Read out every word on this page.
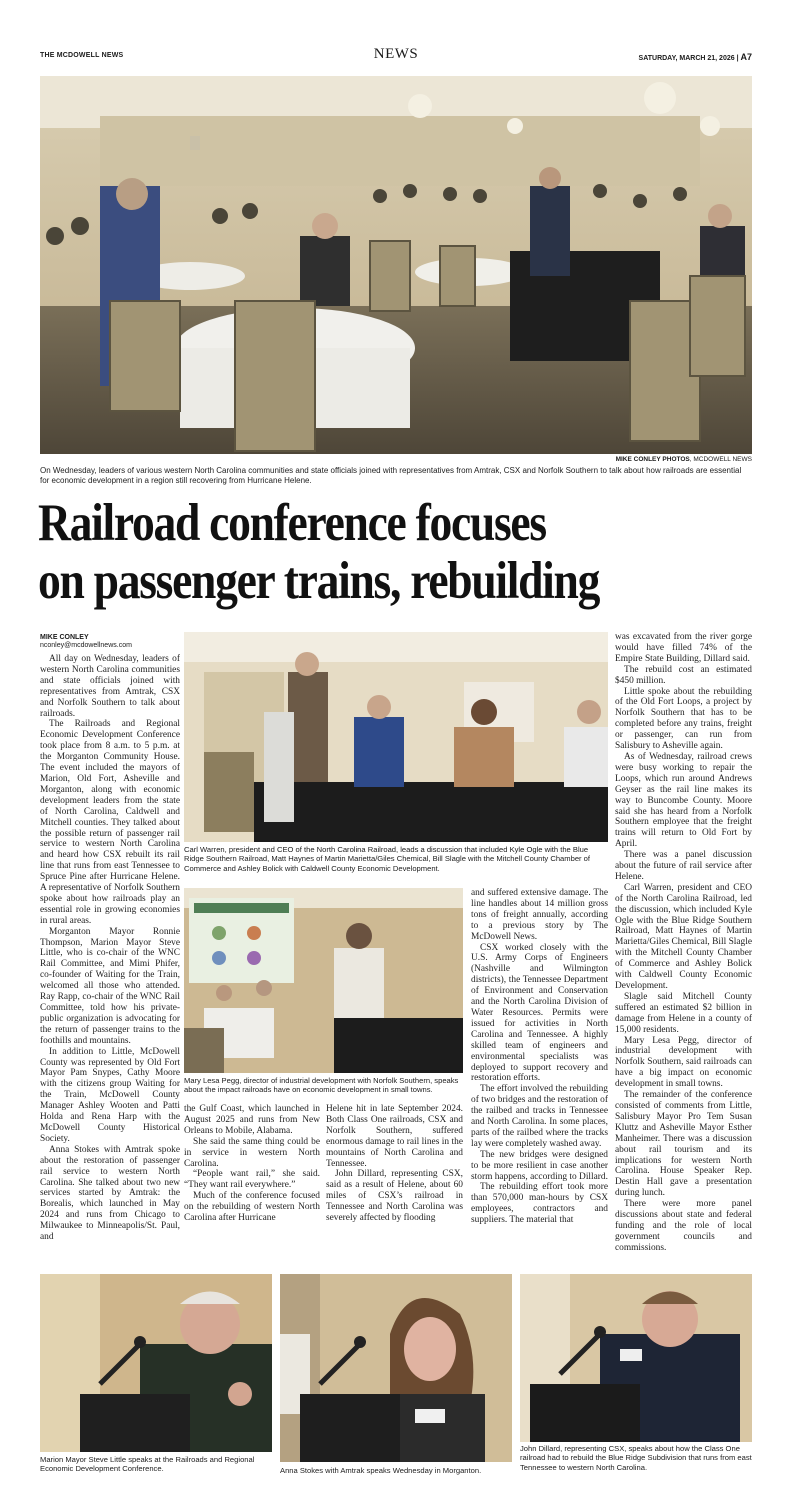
THE MCDOWELL NEWS	NEWS	SATURDAY, MARCH 21, 2026 | A7
MIKE CONLEY PHOTOS, MCDOWELL NEWS
On Wednesday, leaders of various western North Carolina communities and state officials joined with representatives from Amtrak, CSX and Norfolk Southern to talk about how railroads are essential for economic development in a region still recovering from Hurricane Helene.
Railroad conference focuses
on passenger trains, rebuilding
MIKE CONLEY
nconley@mcdowellnews.com

All day on Wednesday, leaders of western North Carolina communities and state officials joined with representatives from Amtrak, CSX and Norfolk Southern to talk about railroads.

The Railroads and Regional Economic Development Conference took place from 8 a.m. to 5 p.m. at the Morganton Community House. The event included the mayors of Marion, Old Fort, Asheville and Morganton, along with economic development leaders from the state of North Carolina, Caldwell and Mitchell counties. They talked about the possible return of passenger rail service to western North Carolina and heard how CSX rebuilt its rail line that runs from east Tennessee to Spruce Pine after Hurricane Helene. A representative of Norfolk Southern spoke about how railroads play an essential role in growing economies in rural areas.

Morganton Mayor Ronnie Thompson, Marion Mayor Steve Little, who is co-chair of the WNC Rail Committee, and Mimi Phifer, co-founder of Waiting for the Train, welcomed all those who attended. Ray Rapp, co-chair of the WNC Rail Committee, told how his private-public organization is advocating for the return of passenger trains to the foothills and mountains.

In addition to Little, McDowell County was represented by Old Fort Mayor Pam Snypes, Cathy Moore with the citizens group Waiting for the Train, McDowell County Manager Ashley Wooten and Patti Holda and Rena Harp with the McDowell County Historical Society.

Anna Stokes with Amtrak spoke about the restoration of passenger rail service to western North Carolina. She talked about two new services started by Amtrak: the Borealis, which launched in May 2024 and runs from Chicago to Milwaukee to Minneapolis/St. Paul, and

Carl Warren, president and CEO of the North Carolina Railroad, leads a discussion that included Kyle Ogle with the Blue Ridge Southern Railroad, Matt Haynes of Martin Marietta/Giles Chemical, Bill Slagle with the Mitchell County Chamber of Commerce and Ashley Bolick with Caldwell County Economic Development.
Mary Lesa Pegg, director of industrial development with Norfolk Southern, speaks about the impact railroads have on economic development in small towns.

the Gulf Coast, which launched in August 2025 and runs from New Orleans to Mobile, Alabama.

She said the same thing could be in service in western North Carolina.

“People want rail,” she said. “They want rail everywhere.”

Much of the conference focused on the rebuilding of western North Carolina after Hurricane

Helene hit in late September 2024. Both Class One railroads, CSX and Norfolk Southern, suffered enormous damage to rail lines in the mountains of North Carolina and Tennessee.

John Dillard, representing CSX, said as a result of Helene, about 60 miles of CSX’s railroad in Tennessee and North Carolina was severely affected by flooding

and suffered extensive damage. The line handles about 14 million gross tons of freight annually, according to a previous story by The McDowell News.

CSX worked closely with the U.S. Army Corps of Engineers (Nashville and Wilmington districts), the Tennessee Department of Environment and Conservation and the North Carolina Division of Water Resources. Permits were issued for activities in North Carolina and Tennessee. A highly skilled team of engineers and environmental specialists was deployed to support recovery and restoration efforts.

The effort involved the rebuilding of two bridges and the restoration of the railbed and tracks in Tennessee and North Carolina. In some places, parts of the railbed where the tracks lay were completely washed away.

The new bridges were designed to be more resilient in case another storm happens, according to Dillard.

The rebuilding effort took more than 570,000 man-hours by CSX employees, contractors and suppliers. The material that

was excavated from the river gorge would have filled 74% of the Empire State Building, Dillard said.

The rebuild cost an estimated $450 million.

Little spoke about the rebuilding of the Old Fort Loops, a project by Norfolk Southern that has to be completed before any trains, freight or passenger, can run from Salisbury to Asheville again.

As of Wednesday, railroad crews were busy working to repair the Loops, which run around Andrews Geyser as the rail line makes its way to Buncombe County. Moore said she has heard from a Norfolk Southern employee that the freight trains will return to Old Fort by April.

There was a panel discussion about the future of rail service after Helene.

Carl Warren, president and CEO of the North Carolina Railroad, led the discussion, which included Kyle Ogle with the Blue Ridge Southern Railroad, Matt Haynes of Martin Marietta/Giles Chemical, Bill Slagle with the Mitchell County Chamber of Commerce and Ashley Bolick with Caldwell County Economic Development.

Slagle said Mitchell County suffered an estimated $2 billion in damage from Helene in a county of 15,000 residents.

Mary Lesa Pegg, director of industrial development with Norfolk Southern, said railroads can have a big impact on economic development in small towns.

The remainder of the conference consisted of comments from Little, Salisbury Mayor Pro Tem Susan Kluttz and Asheville Mayor Esther Manheimer. There was a discussion about rail tourism and its implications for western North Carolina. House Speaker Rep. Destin Hall gave a presentation during lunch.

There were more panel discussions about state and federal funding and the role of local government councils and commissions.

Marion Mayor Steve Little speaks at the Railroads and Regional Economic Development Conference.	Anna Stokes with Amtrak speaks Wednesday in Morganton.
John Dillard, representing CSX, speaks about how the Class One railroad had to rebuild the Blue Ridge Subdivision that runs from east Tennessee to western North Carolina.
